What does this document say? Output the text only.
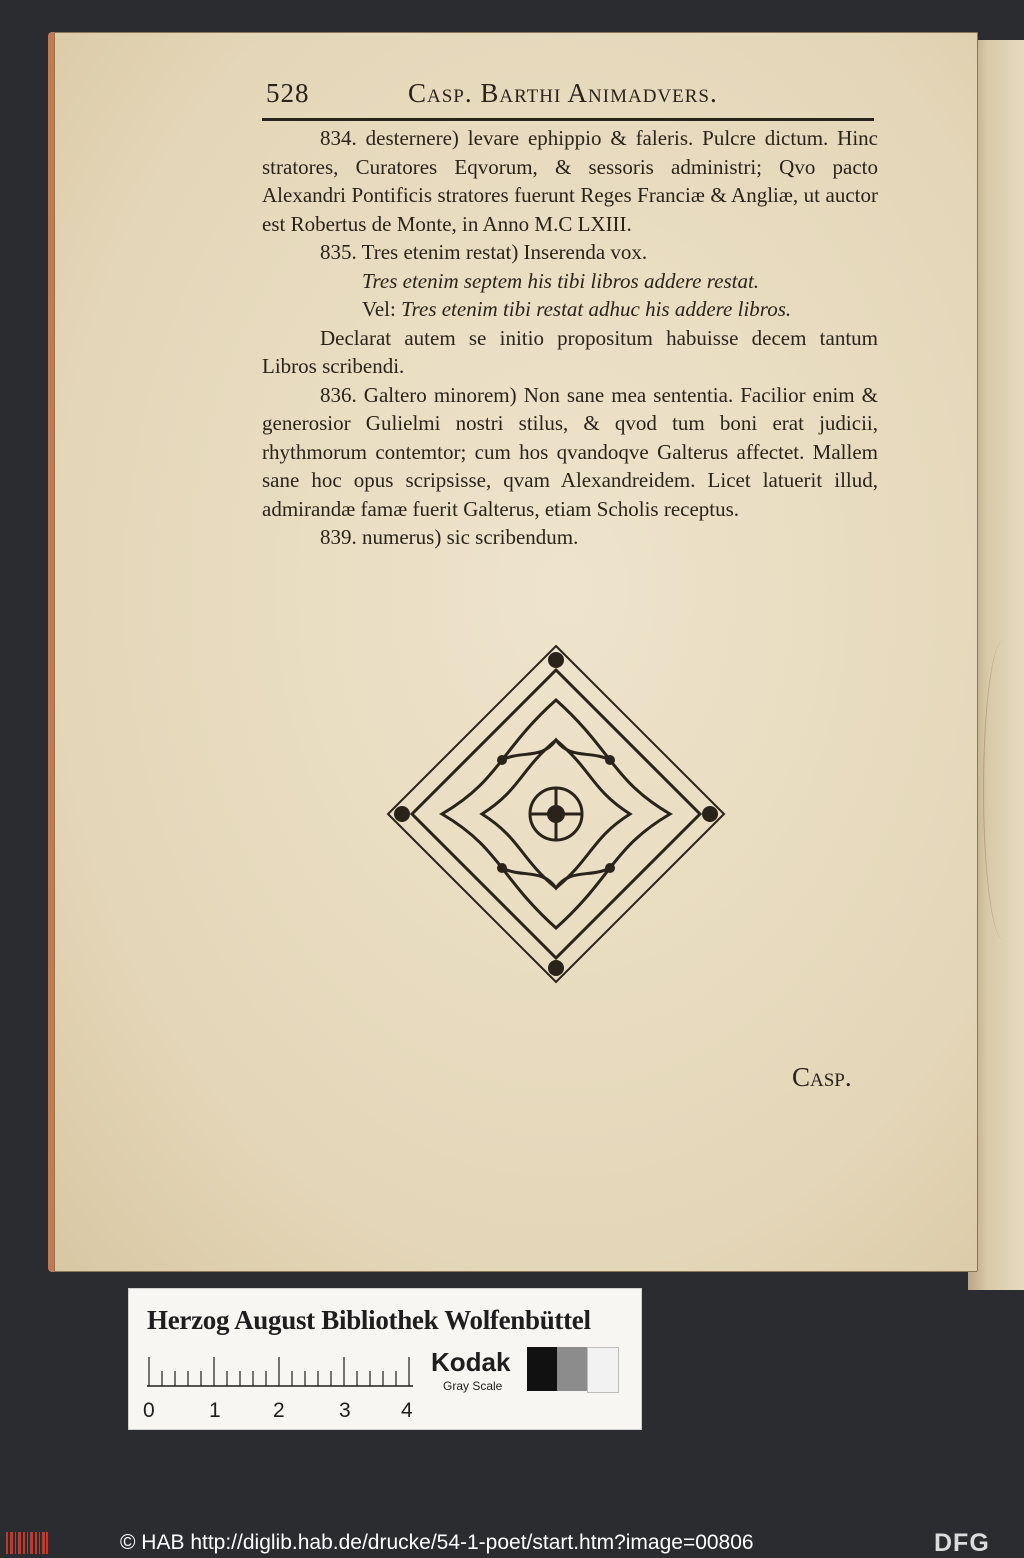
528	Casp. Barthi Animadvers.

834. desternere) levare ephippio & faleris. Pulcre dictum. Hinc stratores, Curatores Eqvorum, & sessoris administri; Qvo pacto Alexandri Pontificis stratores fuerunt Reges Franciæ & Angliæ, ut auctor est Robertus de Monte, in Anno M.C LXIII.

835. Tres etenim restat) Inserenda vox.

Tres etenim septem his tibi libros addere restat.

Vel: Tres etenim tibi restat adhuc his addere libros.

Declarat autem se initio propositum habuisse decem tantum Libros scribendi.

836. Galtero minorem) Non sane mea sententia. Facilior enim & generosior Gulielmi nostri stilus, & qvod tum boni erat judicii, rhythmorum contemtor; cum hos qvandoqve Galterus affectet. Mallem sane hoc opus scripsisse, qvam Alexandreidem. Licet latuerit illud, admirandæ famæ fuerit Galterus, etiam Scholis receptus.

839. numerus) sic scribendum.

Casp.
Herzog August Bibliothek Wolfenbüttel
0	1 2	3 4
Kodak
Gray Scale
© HAB http://diglib.hab.de/drucke/54-1-poet/start.htm?image=00806	DFG
